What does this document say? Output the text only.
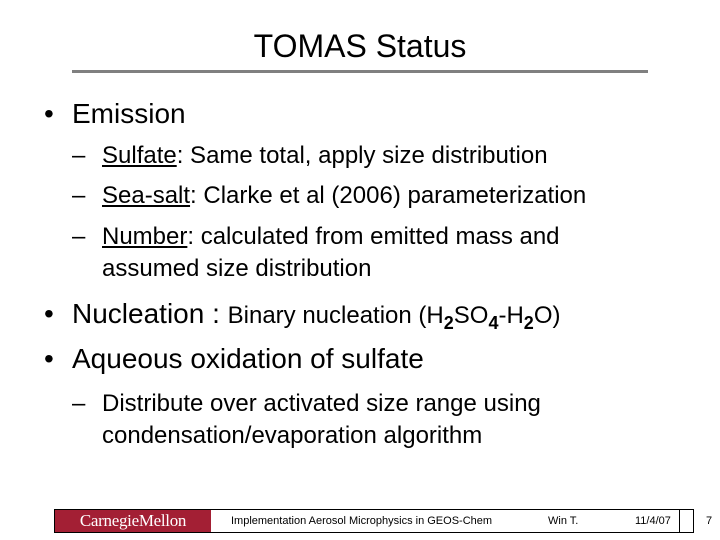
TOMAS Status
• Emission
– Sulfate: Same total, apply size distribution
– Sea-salt: Clarke et al (2006) parameterization
– Number: calculated from emitted mass and
assumed size distribution
• Nucleation : Binary nucleation $(H_2SO_4-H_2O)$
• Aqueous oxidation of sulfate
– Distribute over activated size range using
condensation/evaporation algorithm
CarnegieMellon	Implementation Aerosol Microphysics in GEOS-Chem	Win T.	11/4/07	7
